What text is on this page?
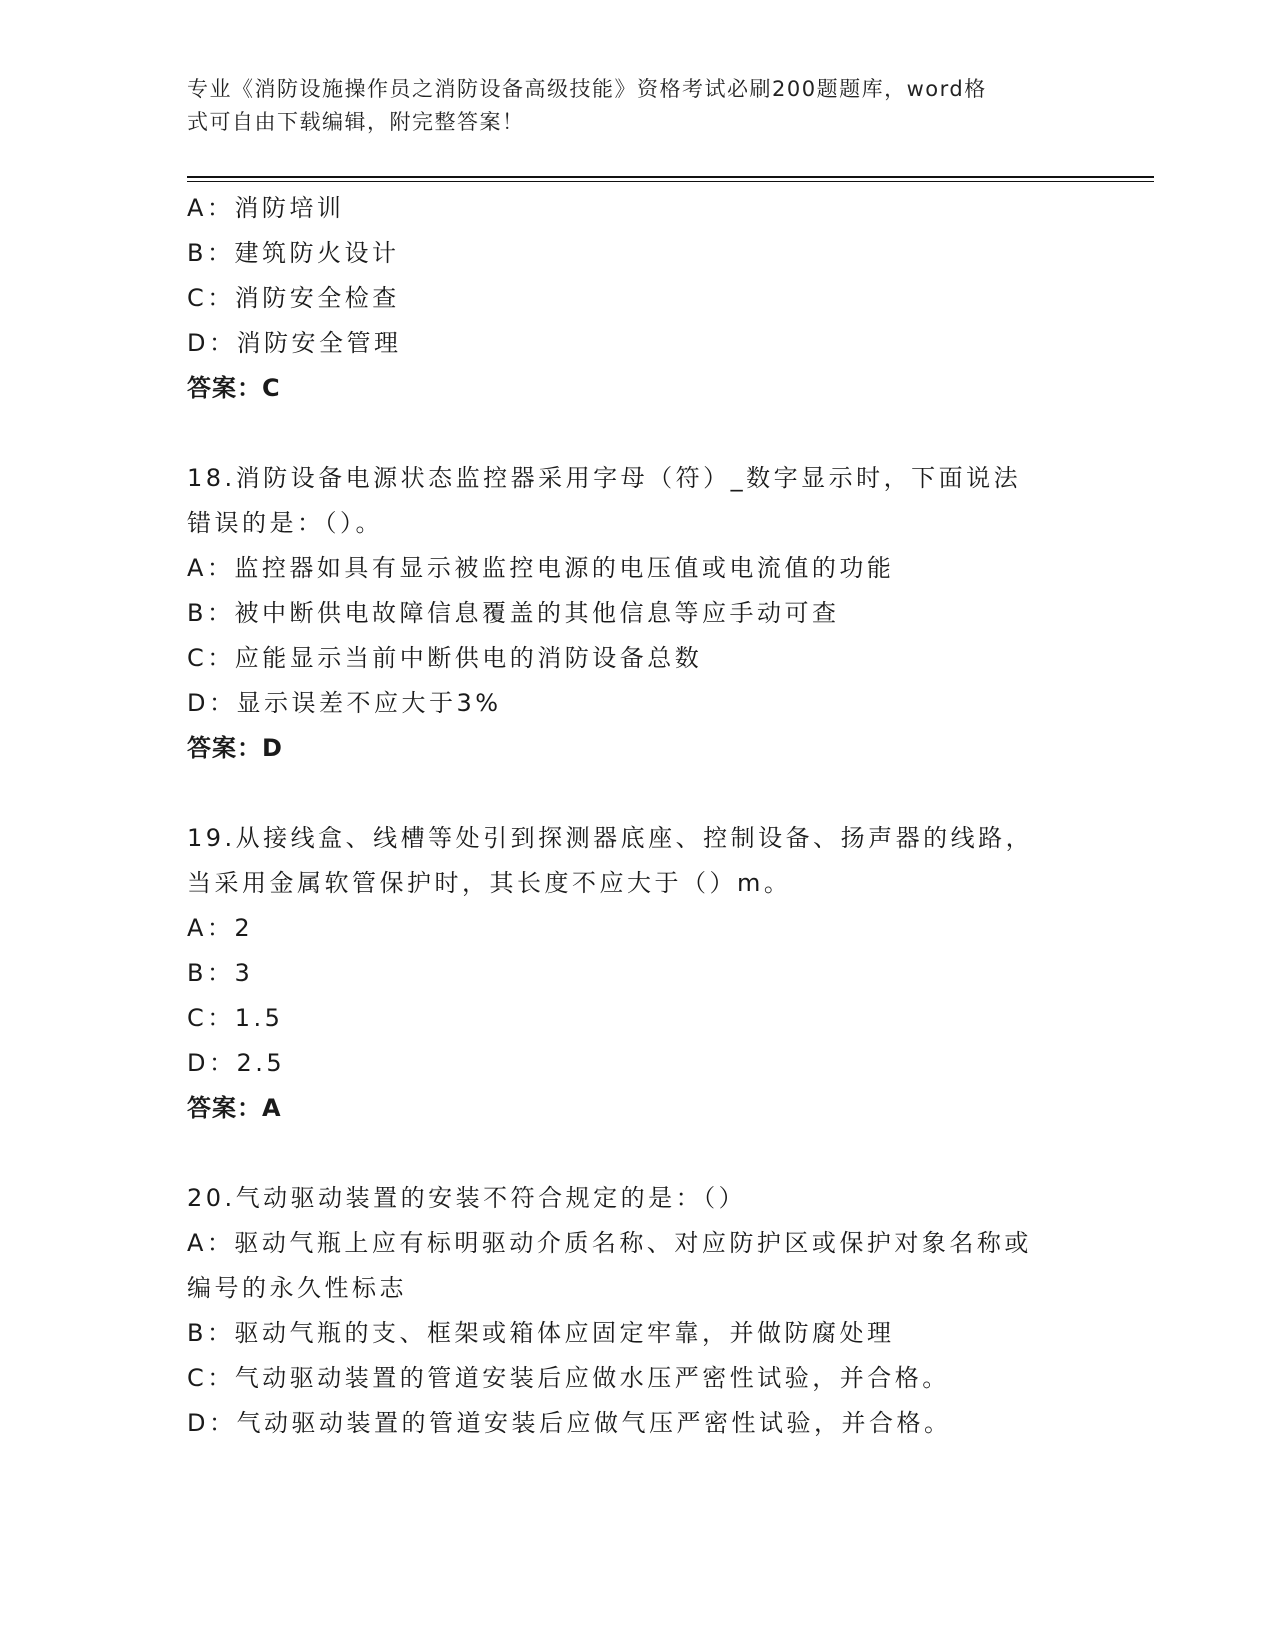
专业《消防设施操作员之消防设备高级技能》资格考试必刷200题题库，word格
式可自由下载编辑，附完整答案！
A：消防培训
B：建筑防火设计
C：消防安全检查
D：消防安全管理
答案：C
18.消防设备电源状态监控器采用字母（符）_数字显示时，下面说法
错误的是：（）。
A：监控器如具有显示被监控电源的电压值或电流值的功能
B：被中断供电故障信息覆盖的其他信息等应手动可查
C：应能显示当前中断供电的消防设备总数
D：显示误差不应大于3%
答案：D
19.从接线盒、线槽等处引到探测器底座、控制设备、扬声器的线路，
当采用金属软管保护时，其长度不应大于（）m。
A：2
B：3
C：1.5
D：2.5
答案：A
20.气动驱动装置的安装不符合规定的是：（）
A：驱动气瓶上应有标明驱动介质名称、对应防护区或保护对象名称或
编号的永久性标志
B：驱动气瓶的支、框架或箱体应固定牢靠，并做防腐处理
C：气动驱动装置的管道安装后应做水压严密性试验，并合格。
D：气动驱动装置的管道安装后应做气压严密性试验，并合格。
